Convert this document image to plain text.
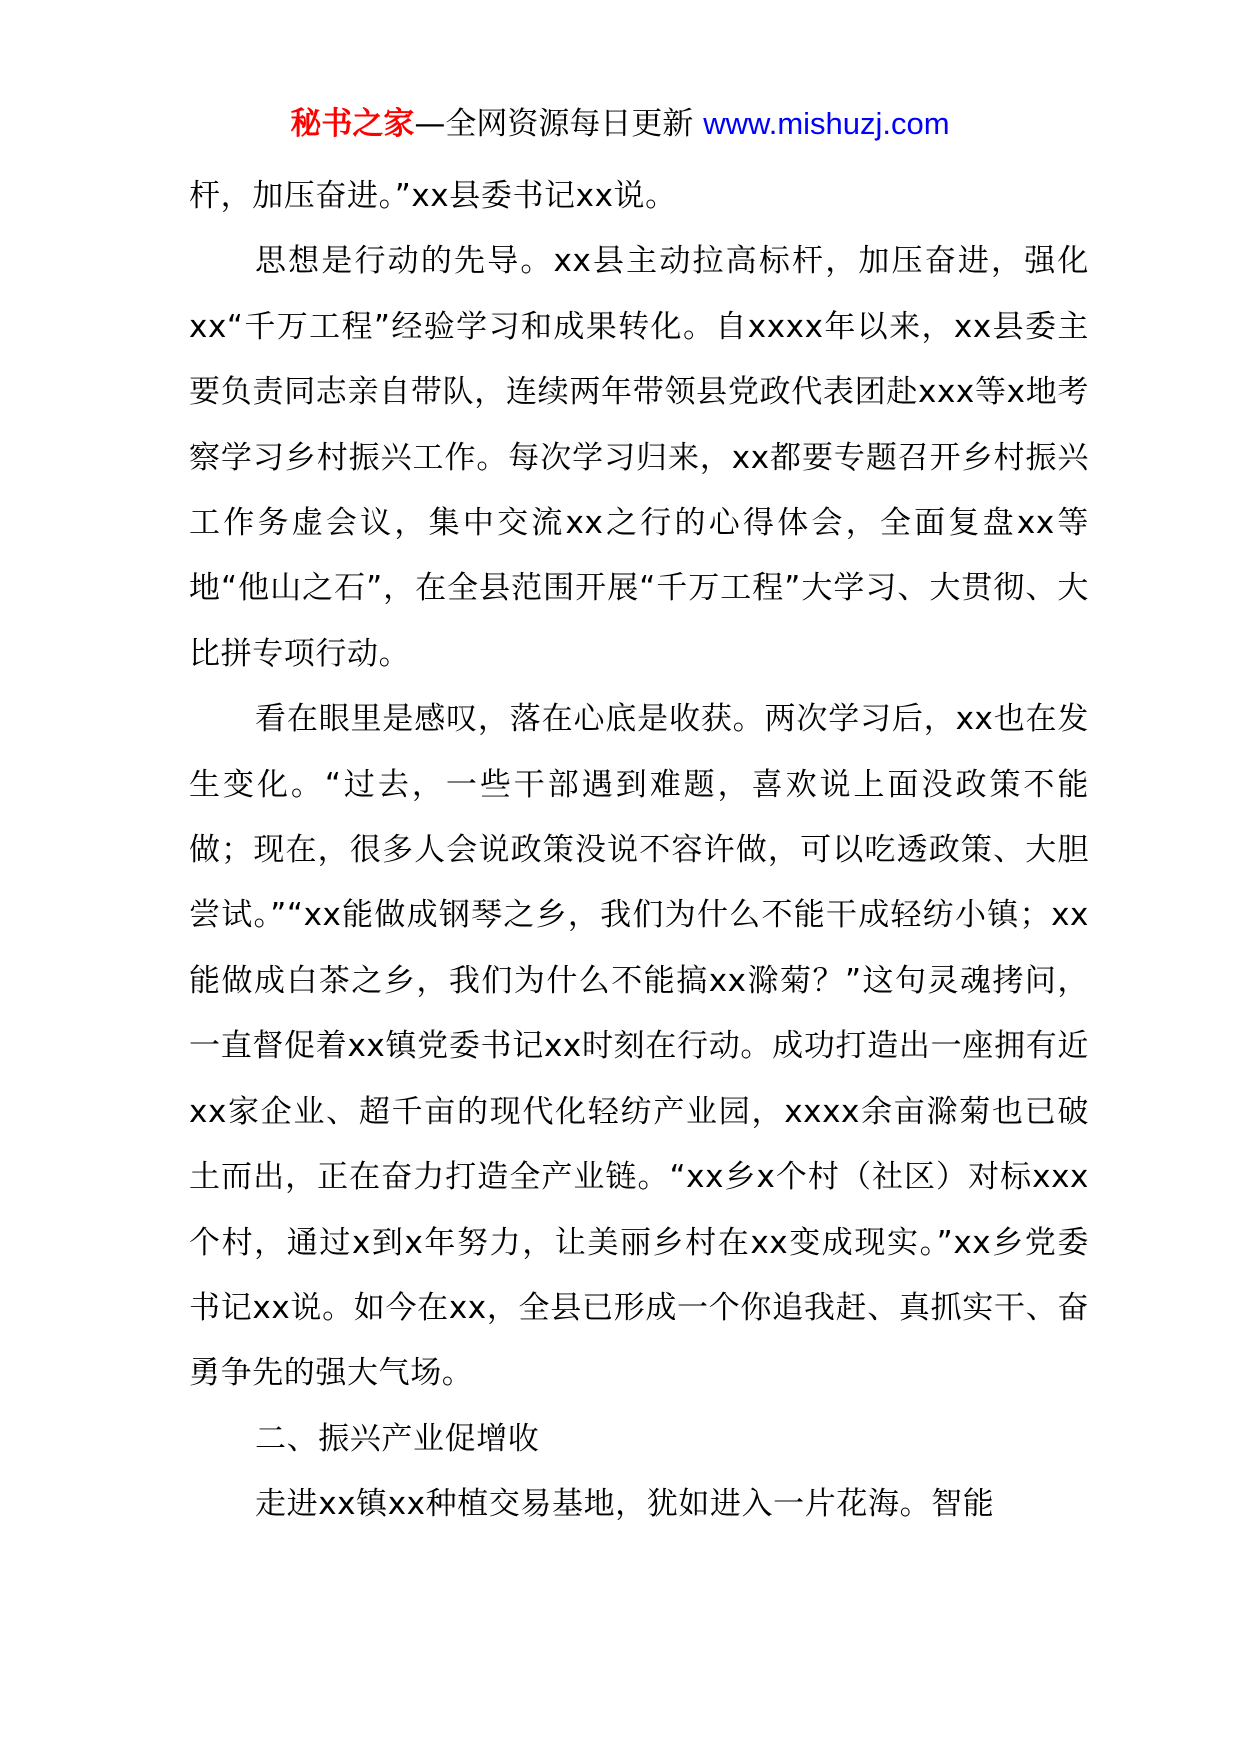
秘书之家—全网资源每日更新 www.mishuzj.com

杆，加压奋进。”xx县委书记xx说。

思想是行动的先导。xx县主动拉高标杆，加压奋进，强化xx“千万工程”经验学习和成果转化。自xxxx年以来，xx县委主要负责同志亲自带队，连续两年带领县党政代表团赴xxx等x地考察学习乡村振兴工作。每次学习归来，xx都要专题召开乡村振兴工作务虚会议，集中交流xx之行的心得体会，全面复盘xx等地“他山之石”，在全县范围开展“千万工程”大学习、大贯彻、大比拼专项行动。

看在眼里是感叹，落在心底是收获。两次学习后，xx也在发生变化。“过去，一些干部遇到难题，喜欢说上面没政策不能做；现在，很多人会说政策没说不容许做，可以吃透政策、大胆尝试。”“xx能做成钢琴之乡，我们为什么不能干成轻纺小镇；xx能做成白茶之乡，我们为什么不能搞xx滁菊？”这句灵魂拷问，一直督促着xx镇党委书记xx时刻在行动。成功打造出一座拥有近xx家企业、超千亩的现代化轻纺产业园，xxxx余亩滁菊也已破土而出，正在奋力打造全产业链。“xx乡x个村（社区）对标xxx个村，通过x到x年努力，让美丽乡村在xx变成现实。”xx乡党委书记xx说。如今在xx，全县已形成一个你追我赶、真抓实干、奋勇争先的强大气场。

二、振兴产业促增收

走进xx镇xx种植交易基地，犹如进入一片花海。智能
